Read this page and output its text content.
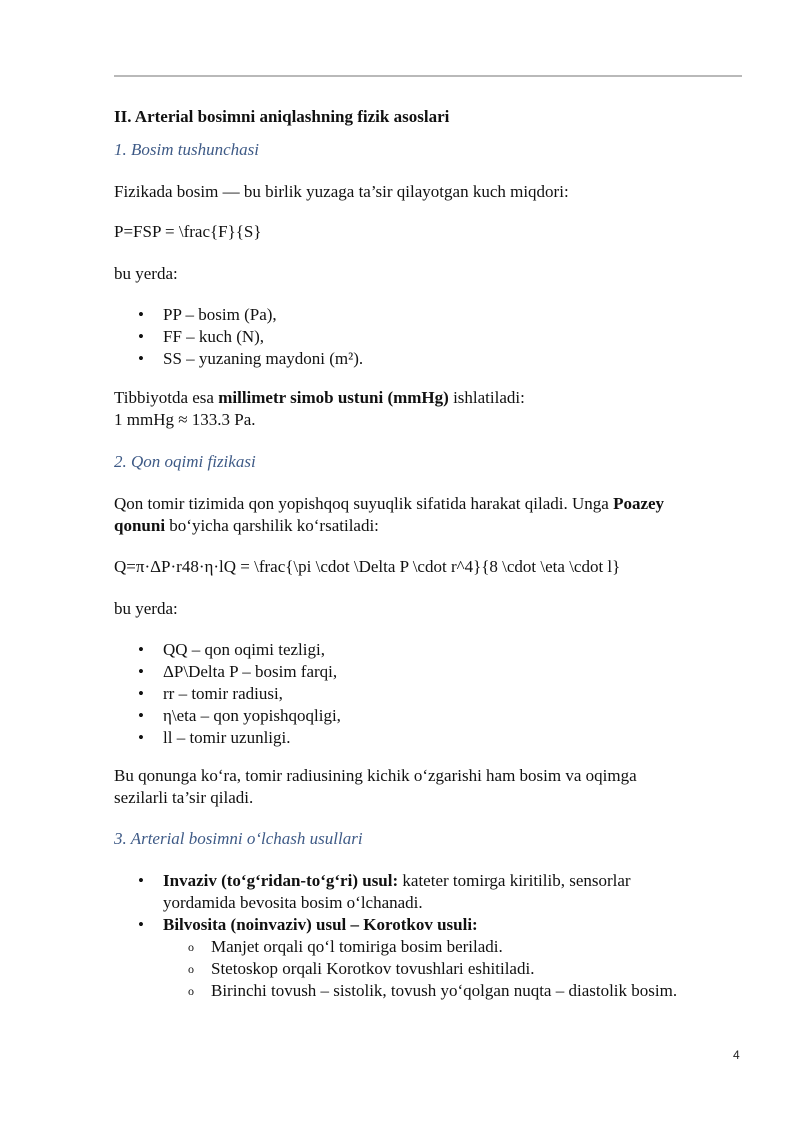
II. Arterial bosimni aniqlashning fizik asoslari
1. Bosim tushunchasi
Fizikada bosim — bu birlik yuzaga ta’sir qilayotgan kuch miqdori:
P=FSP = \frac{F}{S}
bu yerda:
• PP – bosim (Pa),
• FF – kuch (N),
• SS – yuzaning maydoni (m²).
Tibbiyotda esa millimetr simob ustuni (mmHg) ishlatiladi:
1 mmHg ≈ 133.3 Pa.
2. Qon oqimi fizikasi
Qon tomir tizimida qon yopishqoq suyuqlik sifatida harakat qiladi. Unga Poazey
qonuni bo‘yicha qarshilik ko‘rsatiladi:
Q=π·ΔP·r48·η·lQ = \frac{\pi \cdot \Delta P \cdot r^4}{8 \cdot \eta \cdot l}
bu yerda:
• QQ – qon oqimi tezligi,
• ΔP\Delta P – bosim farqi,
• rr – tomir radiusi,
• η\eta – qon yopishqoqligi,
• ll – tomir uzunligi.
Bu qonunga ko‘ra, tomir radiusining kichik o‘zgarishi ham bosim va oqimga
sezilarli ta’sir qiladi.
3. Arterial bosimni o‘lchash usullari
• Invaziv (to‘g‘ridan-to‘g‘ri) usul: kateter tomirga kiritilib, sensorlar
yordamida bevosita bosim o‘lchanadi.
• Bilvosita (noinvaziv) usul – Korotkov usuli:
o Manjet orqali qo‘l tomiriga bosim beriladi.
o Stetoskop orqali Korotkov tovushlari eshitiladi.
o Birinchi tovush – sistolik, tovush yo‘qolgan nuqta – diastolik bosim.
4
